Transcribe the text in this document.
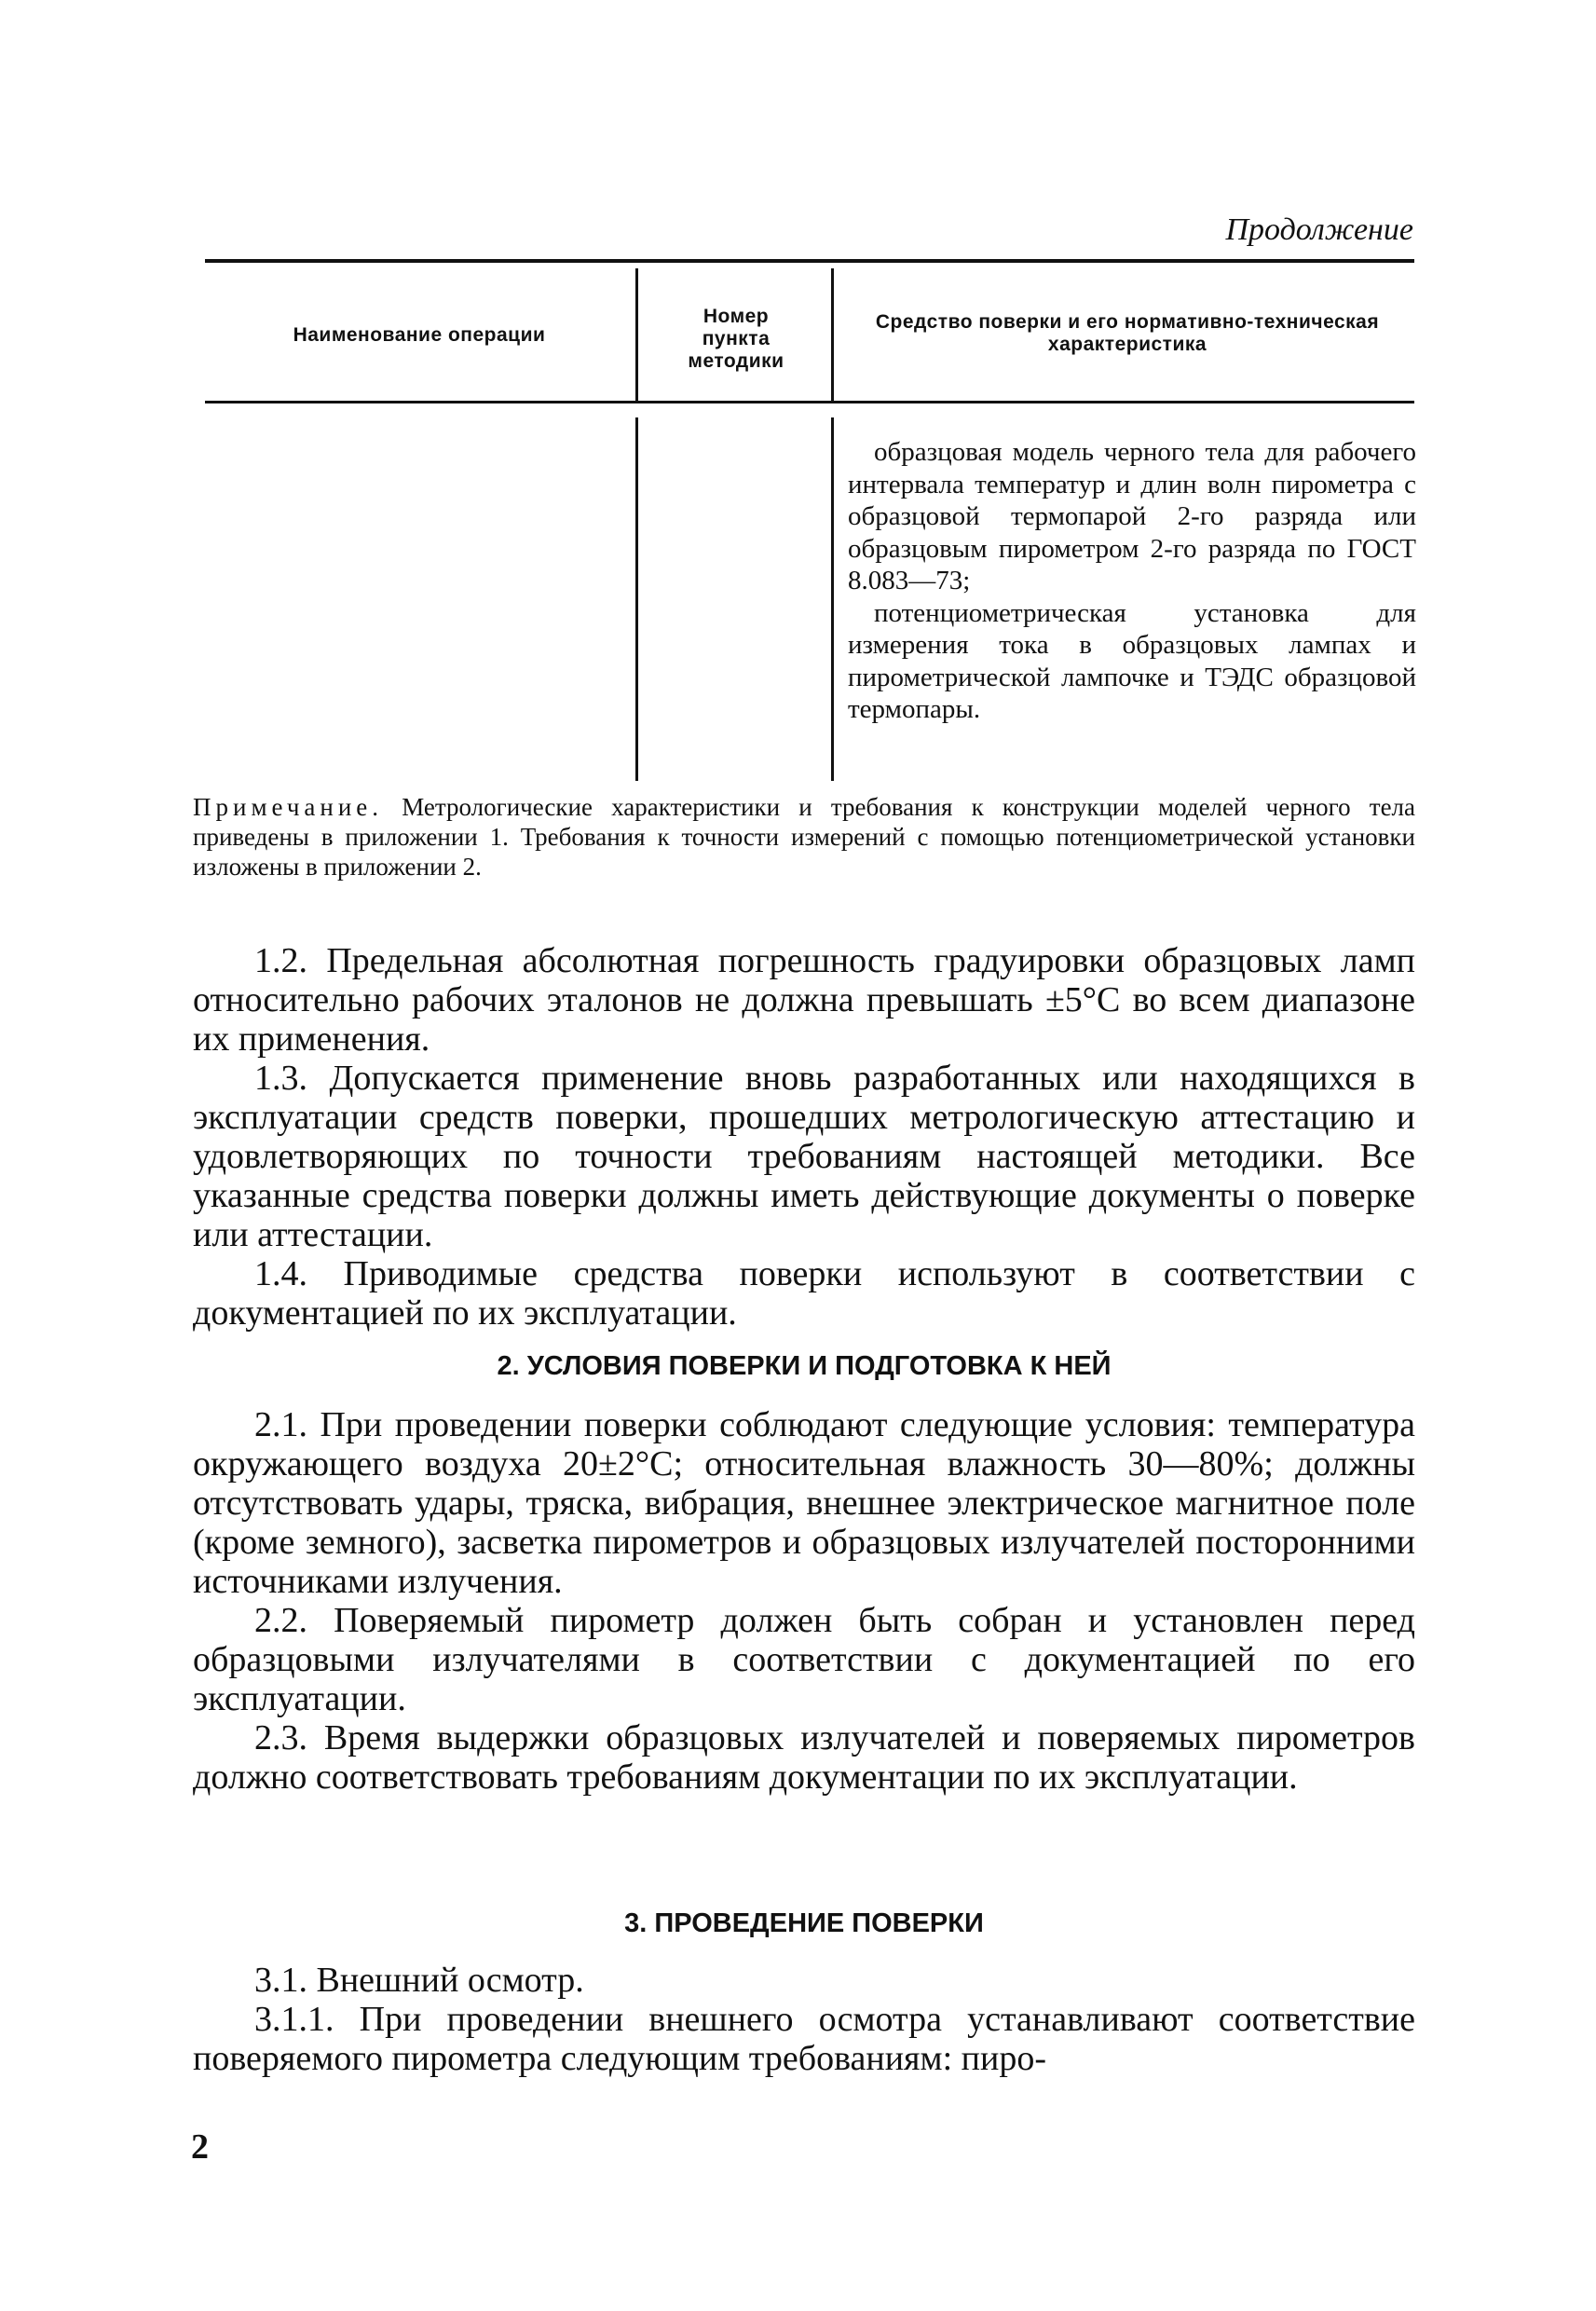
Продолжение
Наименование операции
Номер пункта методики
Средство поверки и его нормативно-техническая характеристика

образцовая модель черного тела для рабочего интервала температур и длин волн пирометра с образцовой термопарой 2-го разряда или образцовым пирометром 2-го разряда по ГОСТ 8.083—73;

потенциометрическая установка для измерения тока в образцовых лампах и пирометрической лампочке и ТЭДС образцовой термопары.

Примечание. Метрологические характеристики и требования к конструкции моделей черного тела приведены в приложении 1. Требования к точности измерений с помощью потенциометрической установки изложены в приложении 2.

1.2. Предельная абсолютная погрешность градуировки образцовых ламп относительно рабочих эталонов не должна превышать ±5°С во всем диапазоне их применения.

1.3. Допускается применение вновь разработанных или находящихся в эксплуатации средств поверки, прошедших метрологическую аттестацию и удовлетворяющих по точности требованиям настоящей методики. Все указанные средства поверки должны иметь действующие документы о поверке или аттестации.

1.4. Приводимые средства поверки используют в соответствии с документацией по их эксплуатации.

2. УСЛОВИЯ ПОВЕРКИ И ПОДГОТОВКА К НЕЙ

2.1. При проведении поверки соблюдают следующие условия: температура окружающего воздуха 20±2°С; относительная влажность 30—80%; должны отсутствовать удары, тряска, вибрация, внешнее электрическое магнитное поле (кроме земного), засветка пирометров и образцовых излучателей посторонними источниками излучения.

2.2. Поверяемый пирометр должен быть собран и установлен перед образцовыми излучателями в соответствии с документацией по его эксплуатации.

2.3. Время выдержки образцовых излучателей и поверяемых пирометров должно соответствовать требованиям документации по их эксплуатации.

3. ПРОВЕДЕНИЕ ПОВЕРКИ

3.1. Внешний осмотр.

3.1.1. При проведении внешнего осмотра устанавливают соответствие поверяемого пирометра следующим требованиям: пиро-

2
